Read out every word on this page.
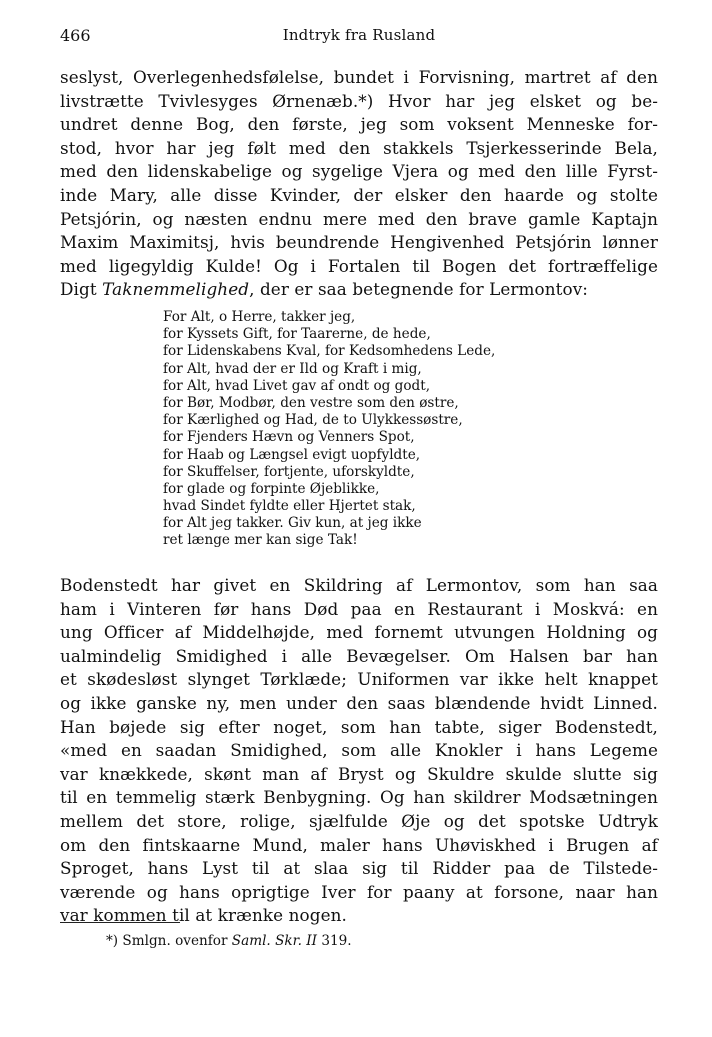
466	Indtryk fra Rusland
seslyst, Overlegenhedsfølelse, bundet i Forvisning, martret af den
livstrætte Tvivlesyges Ørnenæb.*) Hvor har jeg elsket og be-
undret denne Bog, den første, jeg som voksent Menneske for-
stod, hvor har jeg følt med den stakkels Tsjerkesserinde Bela,
med den lidenskabelige og sygelige Vjera og med den lille Fyrst-
inde Mary, alle disse Kvinder, der elsker den haarde og stolte
Petsjórin, og næsten endnu mere med den brave gamle Kaptajn
Maxim Maximitsj, hvis beundrende Hengivenhed Petsjórin lønner
med ligegyldig Kulde! Og i Fortalen til Bogen det fortræffelige
Digt Taknemmelighed, der er saa betegnende for Lermontov:
For Alt, o Herre, takker jeg,
for Kyssets Gift, for Taarerne, de hede,
for Lidenskabens Kval, for Kedsomhedens Lede,
for Alt, hvad der er Ild og Kraft i mig,
for Alt, hvad Livet gav af ondt og godt,
for Bør, Modbør, den vestre som den østre,
for Kærlighed og Had, de to Ulykkessøstre,
for Fjenders Hævn og Venners Spot,
for Haab og Længsel evigt uopfyldte,
for Skuffelser, fortjente, uforskyldte,
for glade og forpinte Øjeblikke,
hvad Sindet fyldte eller Hjertet stak,
for Alt jeg takker. Giv kun, at jeg ikke
ret længe mer kan sige Tak!
Bodenstedt har givet en Skildring af Lermontov, som han saa
ham i Vinteren før hans Død paa en Restaurant i Moskvá: en
ung Officer af Middelhøjde, med fornemt utvungen Holdning og
ualmindelig Smidighed i alle Bevægelser. Om Halsen bar han
et skødesløst slynget Tørklæde; Uniformen var ikke helt knappet
og ikke ganske ny, men under den saas blændende hvidt Linned.
Han bøjede sig efter noget, som han tabte, siger Bodenstedt,
«med en saadan Smidighed, som alle Knokler i hans Legeme
var knækkede, skønt man af Bryst og Skuldre skulde slutte sig
til en temmelig stærk Benbygning. Og han skildrer Modsætningen
mellem det store, rolige, sjælfulde Øje og det spotske Udtryk
om den fintskaarne Mund, maler hans Uhøviskhed i Brugen af
Sproget, hans Lyst til at slaa sig til Ridder paa de Tilstede-
værende og hans oprigtige Iver for paany at forsone, naar han
var kommen til at krænke nogen.
*) Smlgn. ovenfor Saml. Skr. II 319.
